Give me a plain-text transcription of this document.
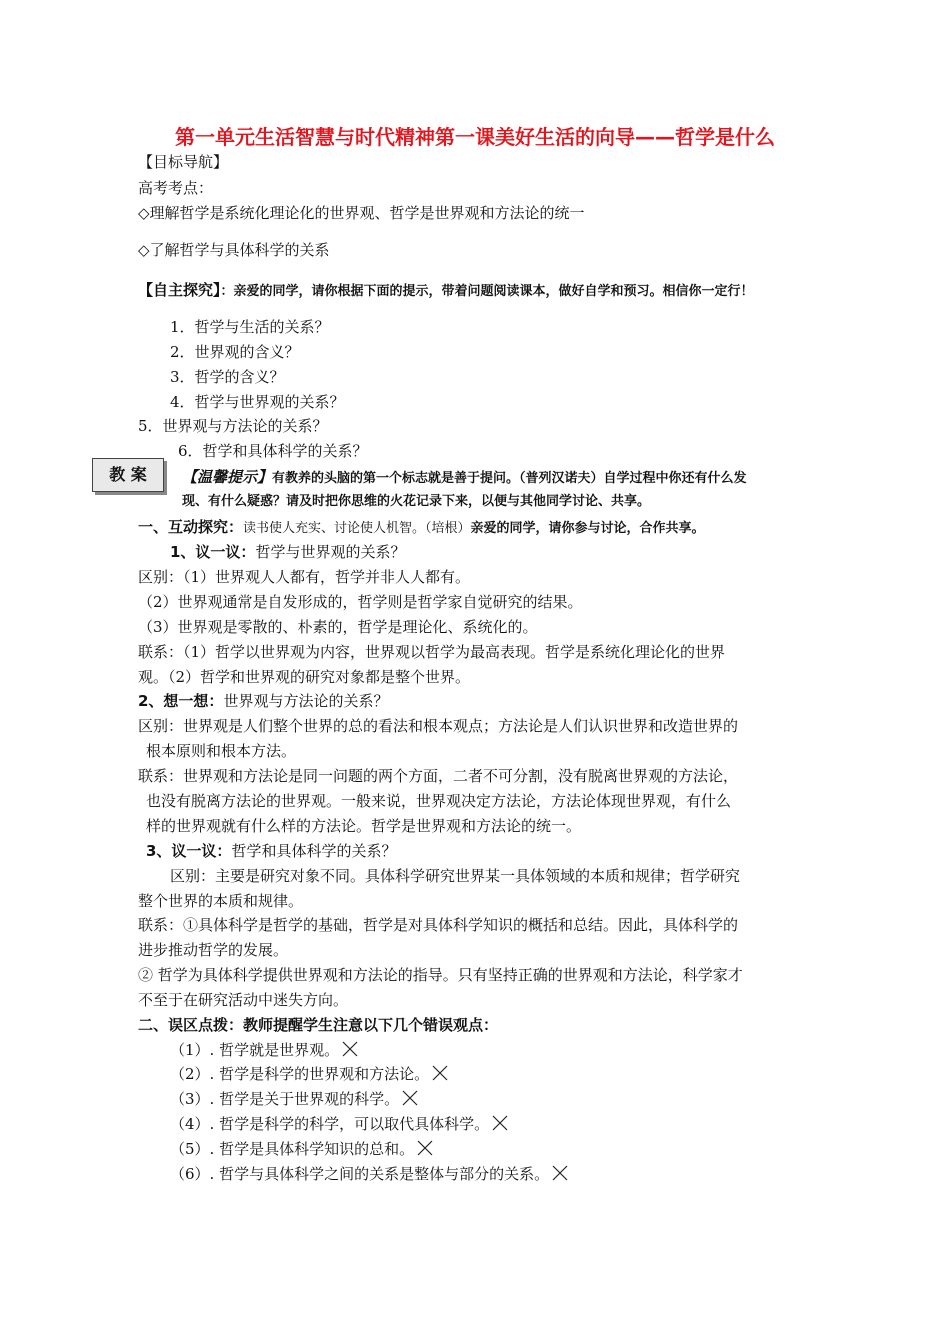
第一单元生活智慧与时代精神第一课美好生活的向导——哲学是什么
【目标导航】
高考考点：
◇理解哲学是系统化理论化的世界观、哲学是世界观和方法论的统一
◇了解哲学与具体科学的关系
【自主探究】：亲爱的同学，请你根据下面的提示，带着问题阅读课本，做好自学和预习。相信你一定行！
1．哲学与生活的关系？
2．世界观的含义？
3．哲学的含义？
4．哲学与世界观的关系？
5．世界观与方法论的关系？
6．哲学和具体科学的关系？
教 案	【温馨提示】有教养的头脑的第一个标志就是善于提问。（普列汉诺夫）自学过程中你还有什么发
现、有什么疑惑？请及时把你思维的火花记录下来，以便与其他同学讨论、共享。
一、互动探究：读书使人充实、讨论使人机智。（培根）亲爱的同学，请你参与讨论，合作共享。
1、议一议：哲学与世界观的关系？
区别：（1）世界观人人都有，哲学并非人人都有。
（2）世界观通常是自发形成的，哲学则是哲学家自觉研究的结果。
（3）世界观是零散的、朴素的，哲学是理论化、系统化的。
联系：（1）哲学以世界观为内容，世界观以哲学为最高表现。哲学是系统化理论化的世界
观。（2）哲学和世界观的研究对象都是整个世界。
2、想一想：世界观与方法论的关系？
区别：世界观是人们整个世界的总的看法和根本观点；方法论是人们认识世界和改造世界的
根本原则和根本方法。
联系：世界观和方法论是同一问题的两个方面，二者不可分割，没有脱离世界观的方法论，
也没有脱离方法论的世界观。一般来说，世界观决定方法论，方法论体现世界观，有什么
样的世界观就有什么样的方法论。哲学是世界观和方法论的统一。
3、议一议：哲学和具体科学的关系？
区别：主要是研究对象不同。具体科学研究世界某一具体领域的本质和规律；哲学研究
整个世界的本质和规律。
联系：①具体科学是哲学的基础，哲学是对具体科学知识的概括和总结。因此，具体科学的
进步推动哲学的发展。
② 哲学为具体科学提供世界观和方法论的指导。只有坚持正确的世界观和方法论，科学家才
不至于在研究活动中迷失方向。
二、误区点拨：教师提醒学生注意以下几个错误观点：
（1）. 哲学就是世界观。
（2）. 哲学是科学的世界观和方法论。
（3）. 哲学是关于世界观的科学。
（4）. 哲学是科学的科学，可以取代具体科学。
（5）. 哲学是具体科学知识的总和。
（6）. 哲学与具体科学之间的关系是整体与部分的关系。
